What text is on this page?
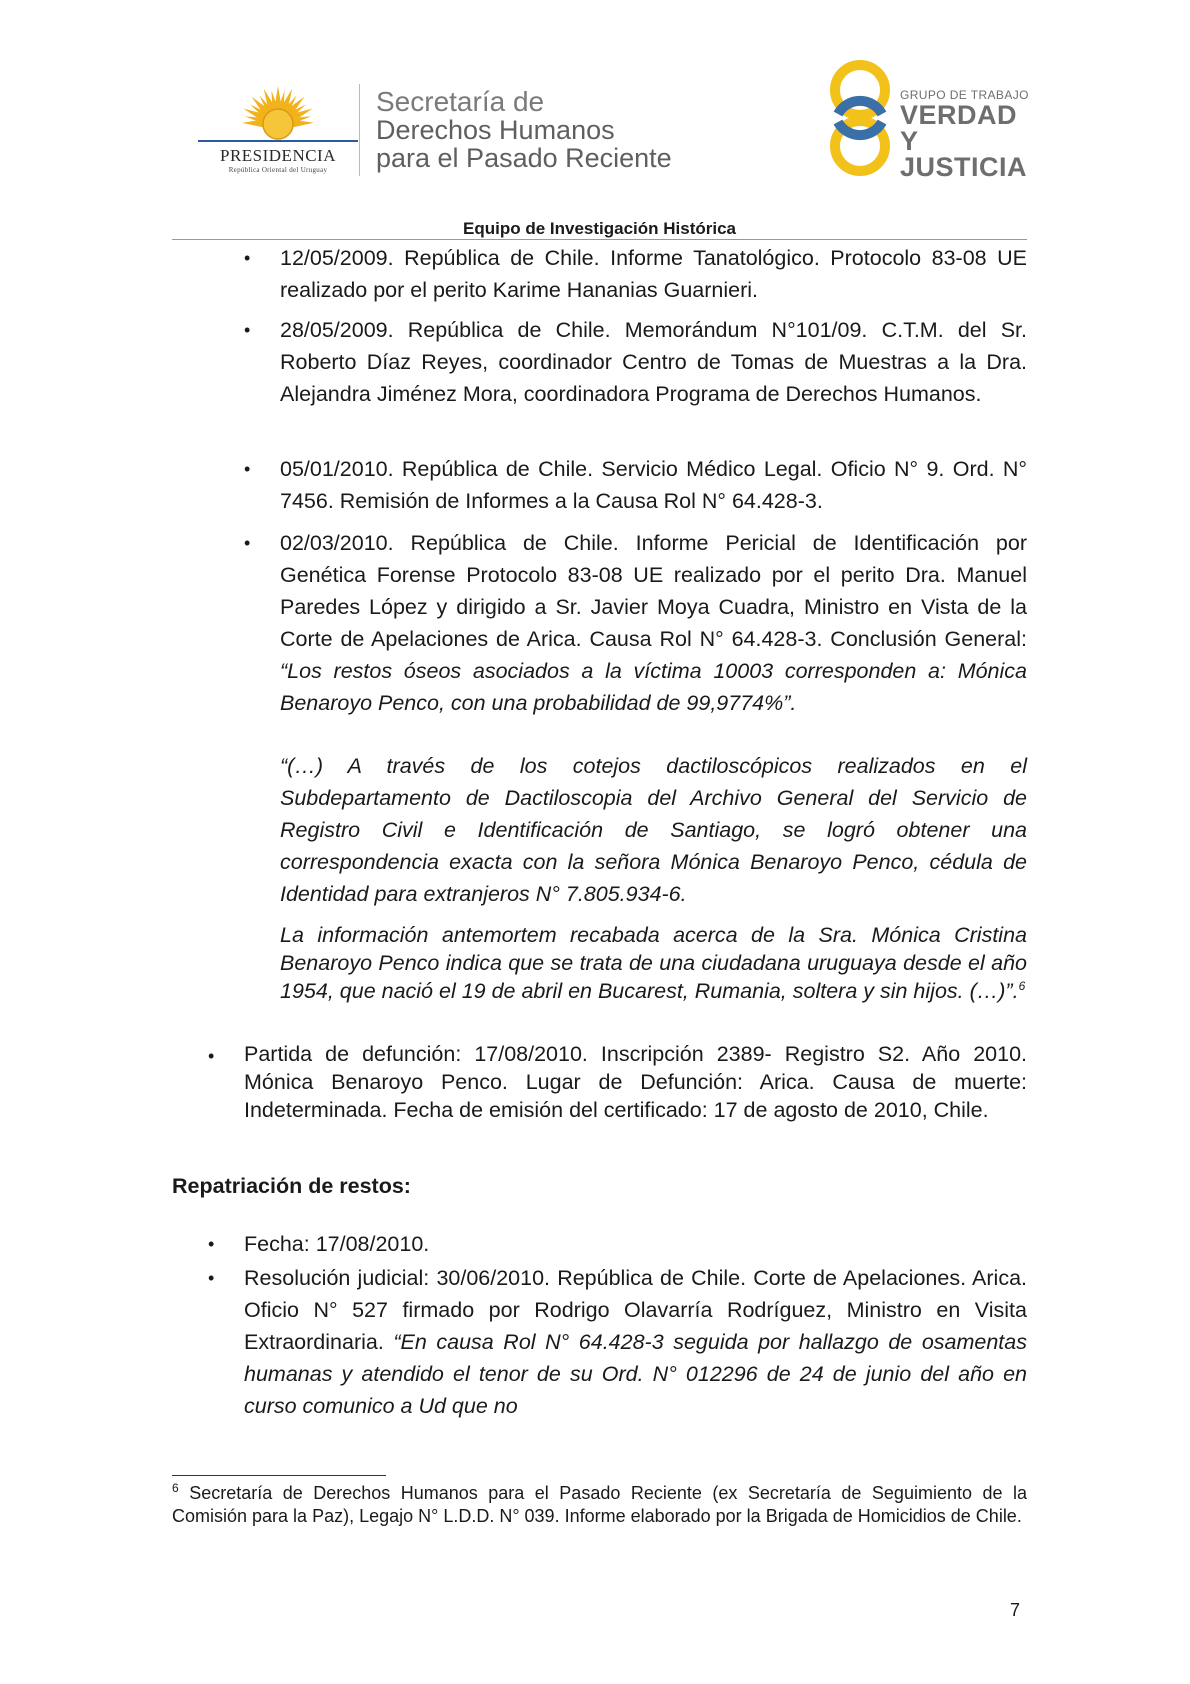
PRESIDENCIA
República Oriental del Uruguay
Secretaría de
Derechos Humanos
para el Pasado Reciente
GRUPO DE TRABAJO
VERDAD Y
JUSTICIA
Equipo de Investigación Histórica
• 12/05/2009. República de Chile. Informe Tanatológico. Protocolo 83-08 UE realizado por el perito Karime Hananias Guarnieri.
• 28/05/2009. República de Chile. Memorándum N°101/09. C.T.M. del Sr. Roberto Díaz Reyes, coordinador Centro de Tomas de Muestras a la Dra. Alejandra Jiménez Mora, coordinadora Programa de Derechos Humanos.
• 05/01/2010. República de Chile. Servicio Médico Legal. Oficio N° 9. Ord. N° 7456. Remisión de Informes a la Causa Rol N° 64.428-3.
• 02/03/2010. República de Chile. Informe Pericial de Identificación por Genética Forense Protocolo 83-08 UE realizado por el perito Dra. Manuel Paredes López y dirigido a Sr. Javier Moya Cuadra, Ministro en Vista de la Corte de Apelaciones de Arica. Causa Rol N° 64.428-3. Conclusión General: “Los restos óseos asociados a la víctima 10003 corresponden a: Mónica Benaroyo Penco, con una probabilidad de 99,9774%”.
“(…) A través de los cotejos dactiloscópicos realizados en el Subdepartamento de Dactiloscopia del Archivo General del Servicio de Registro Civil e Identificación de Santiago, se logró obtener una correspondencia exacta con la señora Mónica Benaroyo Penco, cédula de Identidad para extranjeros N° 7.805.934-6.
La información antemortem recabada acerca de la Sra. Mónica Cristina Benaroyo Penco indica que se trata de una ciudadana uruguaya desde el año 1954, que nació el 19 de abril en Bucarest, Rumania, soltera y sin hijos. (…)”.$^6$
• Partida de defunción: 17/08/2010. Inscripción 2389- Registro S2. Año 2010. Mónica Benaroyo Penco. Lugar de Defunción: Arica. Causa de muerte: Indeterminada. Fecha de emisión del certificado: 17 de agosto de 2010, Chile.
Repatriación de restos:
• Fecha: 17/08/2010.
• Resolución judicial: 30/06/2010. República de Chile. Corte de Apelaciones. Arica. Oficio N° 527 firmado por Rodrigo Olavarría Rodríguez, Ministro en Visita Extraordinaria. “En causa Rol N° 64.428-3 seguida por hallazgo de osamentas humanas y atendido el tenor de su Ord. N° 012296 de 24 de junio del año en curso comunico a Ud que no
$^6$ Secretaría de Derechos Humanos para el Pasado Reciente (ex Secretaría de Seguimiento de la Comisión para la Paz), Legajo N° L.D.D. N° 039. Informe elaborado por la Brigada de Homicidios de Chile.
7
